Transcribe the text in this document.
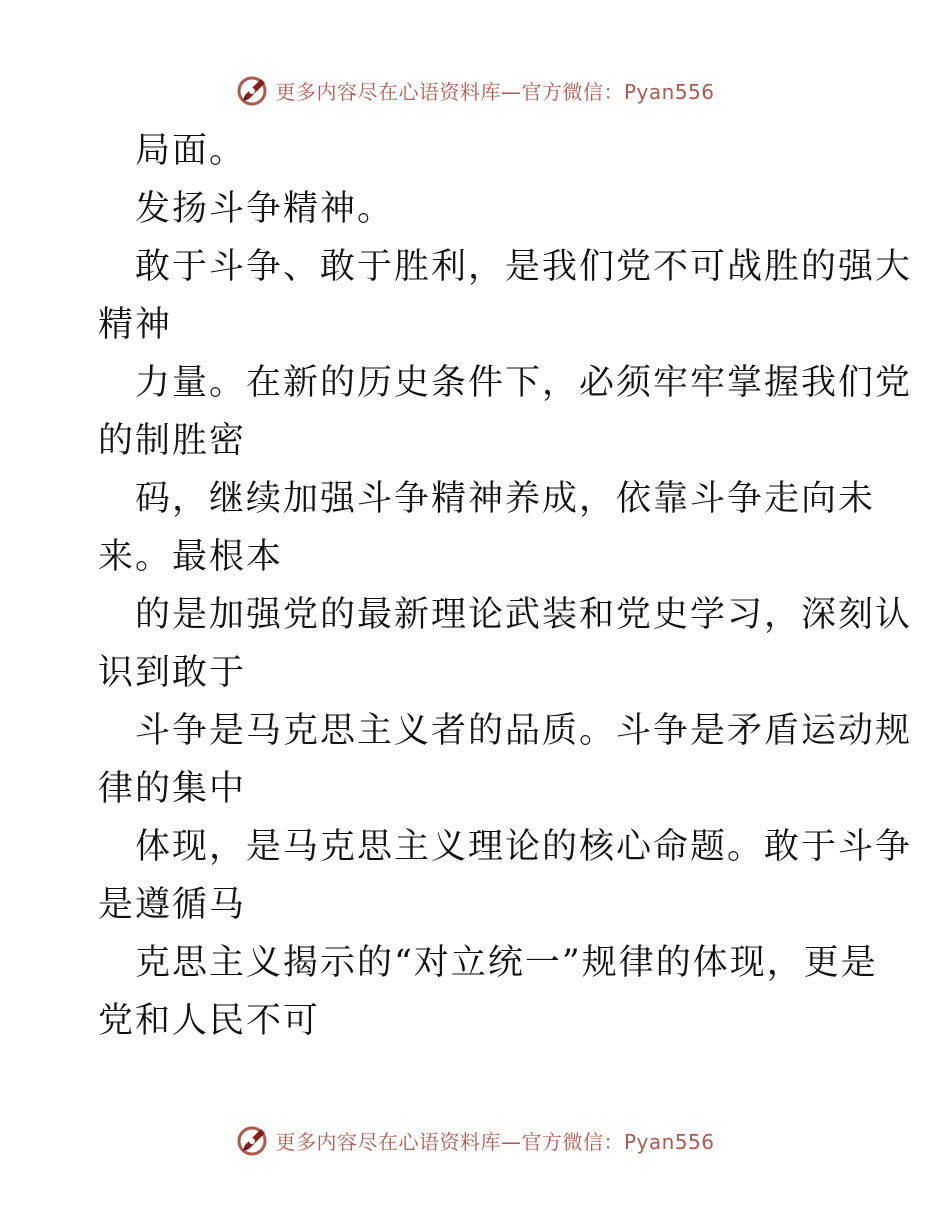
更多内容尽在心语资料库—官方微信：Pyan556
局面。
发扬斗争精神。
敢于斗争、敢于胜利，是我们党不可战胜的强大
精神
力量。在新的历史条件下，必须牢牢掌握我们党
的制胜密
码，继续加强斗争精神养成，依靠斗争走向未
来。最根本
的是加强党的最新理论武装和党史学习，深刻认
识到敢于
斗争是马克思主义者的品质。斗争是矛盾运动规
律的集中
体现，是马克思主义理论的核心命题。敢于斗争
是遵循马
克思主义揭示的“对立统一”规律的体现，更是
党和人民不可
更多内容尽在心语资料库—官方微信：Pyan556
